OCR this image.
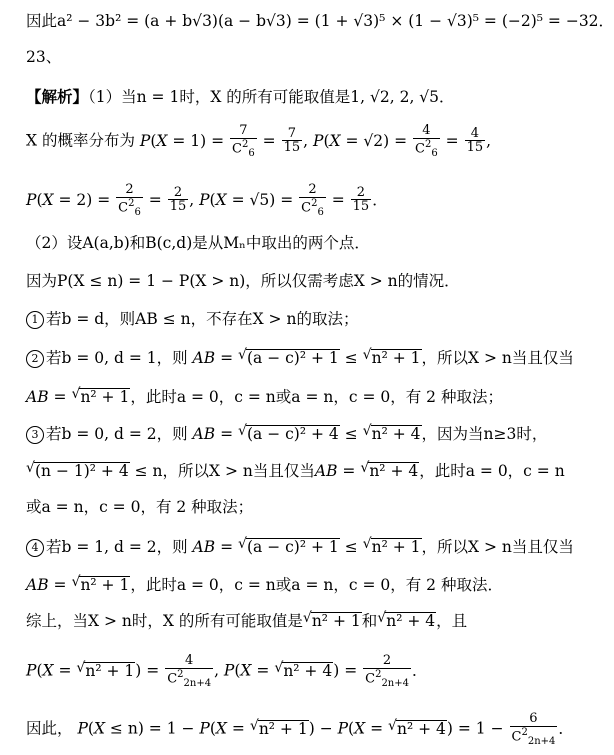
因此a² − 3b² = (a + b√3)(a − b√3) = (1 + √3)⁵ × (1 − √3)⁵ = (−2)⁵ = −32．
23、
【解析】（1）当n = 1时，X 的所有可能取值是1, √2, 2, √5．
X 的概率分布为 $P(X = 1) = \frac{7}{C^2_6} = \frac{7}{15}$ , $P(X = √2) = \frac{4}{C^2_6} = \frac{4}{15}$ ,
$P(X = 2) = \frac{2}{C^2_6} = \frac{2}{15}$ , $P(X = √5) = \frac{2}{C^2_6} = \frac{2}{15}$ ．
（2）设A(a,b)和B(c,d)是从Mₙ中取出的两个点．
因为P(X ≤ n) = 1 − P(X > n)，所以仅需考虑X > n的情况．
1 若b = d，则AB ≤ n，不存在X > n的取法；
2 若b = 0, d = 1，则 AB = √ (a − c)² + 1 ≤ √ n² + 1，所以X > n当且仅当
AB = √ n² + 1，此时a = 0，c = n或a = n，c = 0，有 2 种取法；
3 若b = 0, d = 2，则 AB = √ (a − c)² + 4 ≤ √ n² + 4，因为当n≥3时，
√ (n − 1)² + 4 ≤ n，所以X > n当且仅当AB = √ n² + 4，此时a = 0，c = n
或a = n，c = 0，有 2 种取法；
4 若b = 1, d = 2，则 AB = √ (a − c)² + 1 ≤ √ n² + 1，所以X > n当且仅当
AB = √ n² + 1，此时a = 0，c = n或a = n，c = 0，有 2 种取法．
综上，当X > n时，X 的所有可能取值是 √ n² + 1和 √ n² + 4，且
P(X = √ $n^2 + 1) = \frac{4}{C^2_{2n+4}}$ , P(X = √ $n^2 + 4) = \frac{2}{C^2_{2n+4}}$ ．
因此， P(X ≤ n) = 1 − P(X = √ n² + 1) − P(X = √ $n^2 + 4) = 1 - \frac{6}{C^2_{2n+4}}$ ．
